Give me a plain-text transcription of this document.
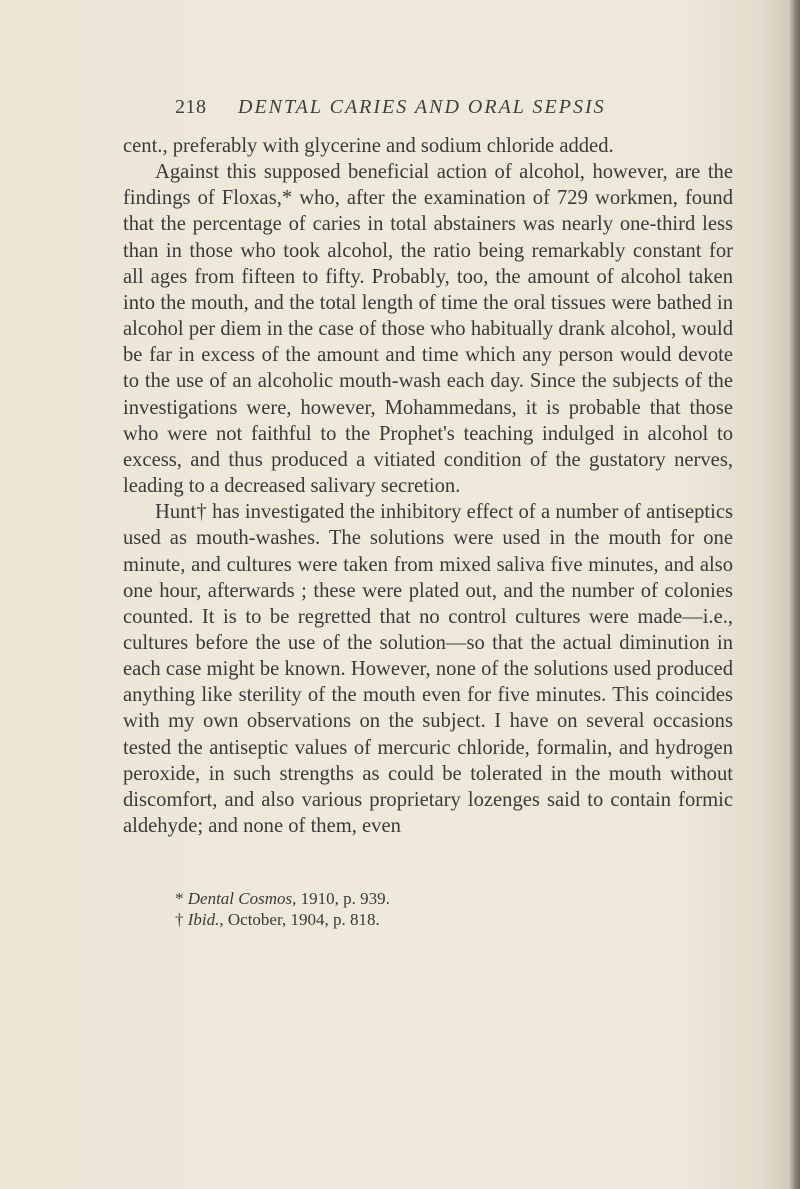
218 DENTAL CARIES AND ORAL SEPSIS

cent., preferably with glycerine and sodium chloride added.

Against this supposed beneficial action of alcohol, however, are the findings of Floxas,* who, after the examination of 729 workmen, found that the percentage of caries in total abstainers was nearly one-third less than in those who took alcohol, the ratio being remarkably constant for all ages from fifteen to fifty. Probably, too, the amount of alcohol taken into the mouth, and the total length of time the oral tissues were bathed in alcohol per diem in the case of those who habitually drank alcohol, would be far in excess of the amount and time which any person would devote to the use of an alcoholic mouth-wash each day. Since the subjects of the investigations were, however, Mohammedans, it is probable that those who were not faithful to the Prophet's teaching indulged in alcohol to excess, and thus produced a vitiated condition of the gustatory nerves, leading to a decreased salivary secretion.

Hunt† has investigated the inhibitory effect of a number of antiseptics used as mouth-washes. The solutions were used in the mouth for one minute, and cultures were taken from mixed saliva five minutes, and also one hour, afterwards ; these were plated out, and the number of colonies counted. It is to be regretted that no control cultures were made—i.e., cultures before the use of the solution—so that the actual diminution in each case might be known. However, none of the solutions used produced anything like sterility of the mouth even for five minutes. This coincides with my own observations on the subject. I have on several occasions tested the antiseptic values of mercuric chloride, formalin, and hydrogen peroxide, in such strengths as could be tolerated in the mouth without discomfort, and also various proprietary lozenges said to contain formic aldehyde; and none of them, even

* Dental Cosmos, 1910, p. 939.

† Ibid., October, 1904, p. 818.
